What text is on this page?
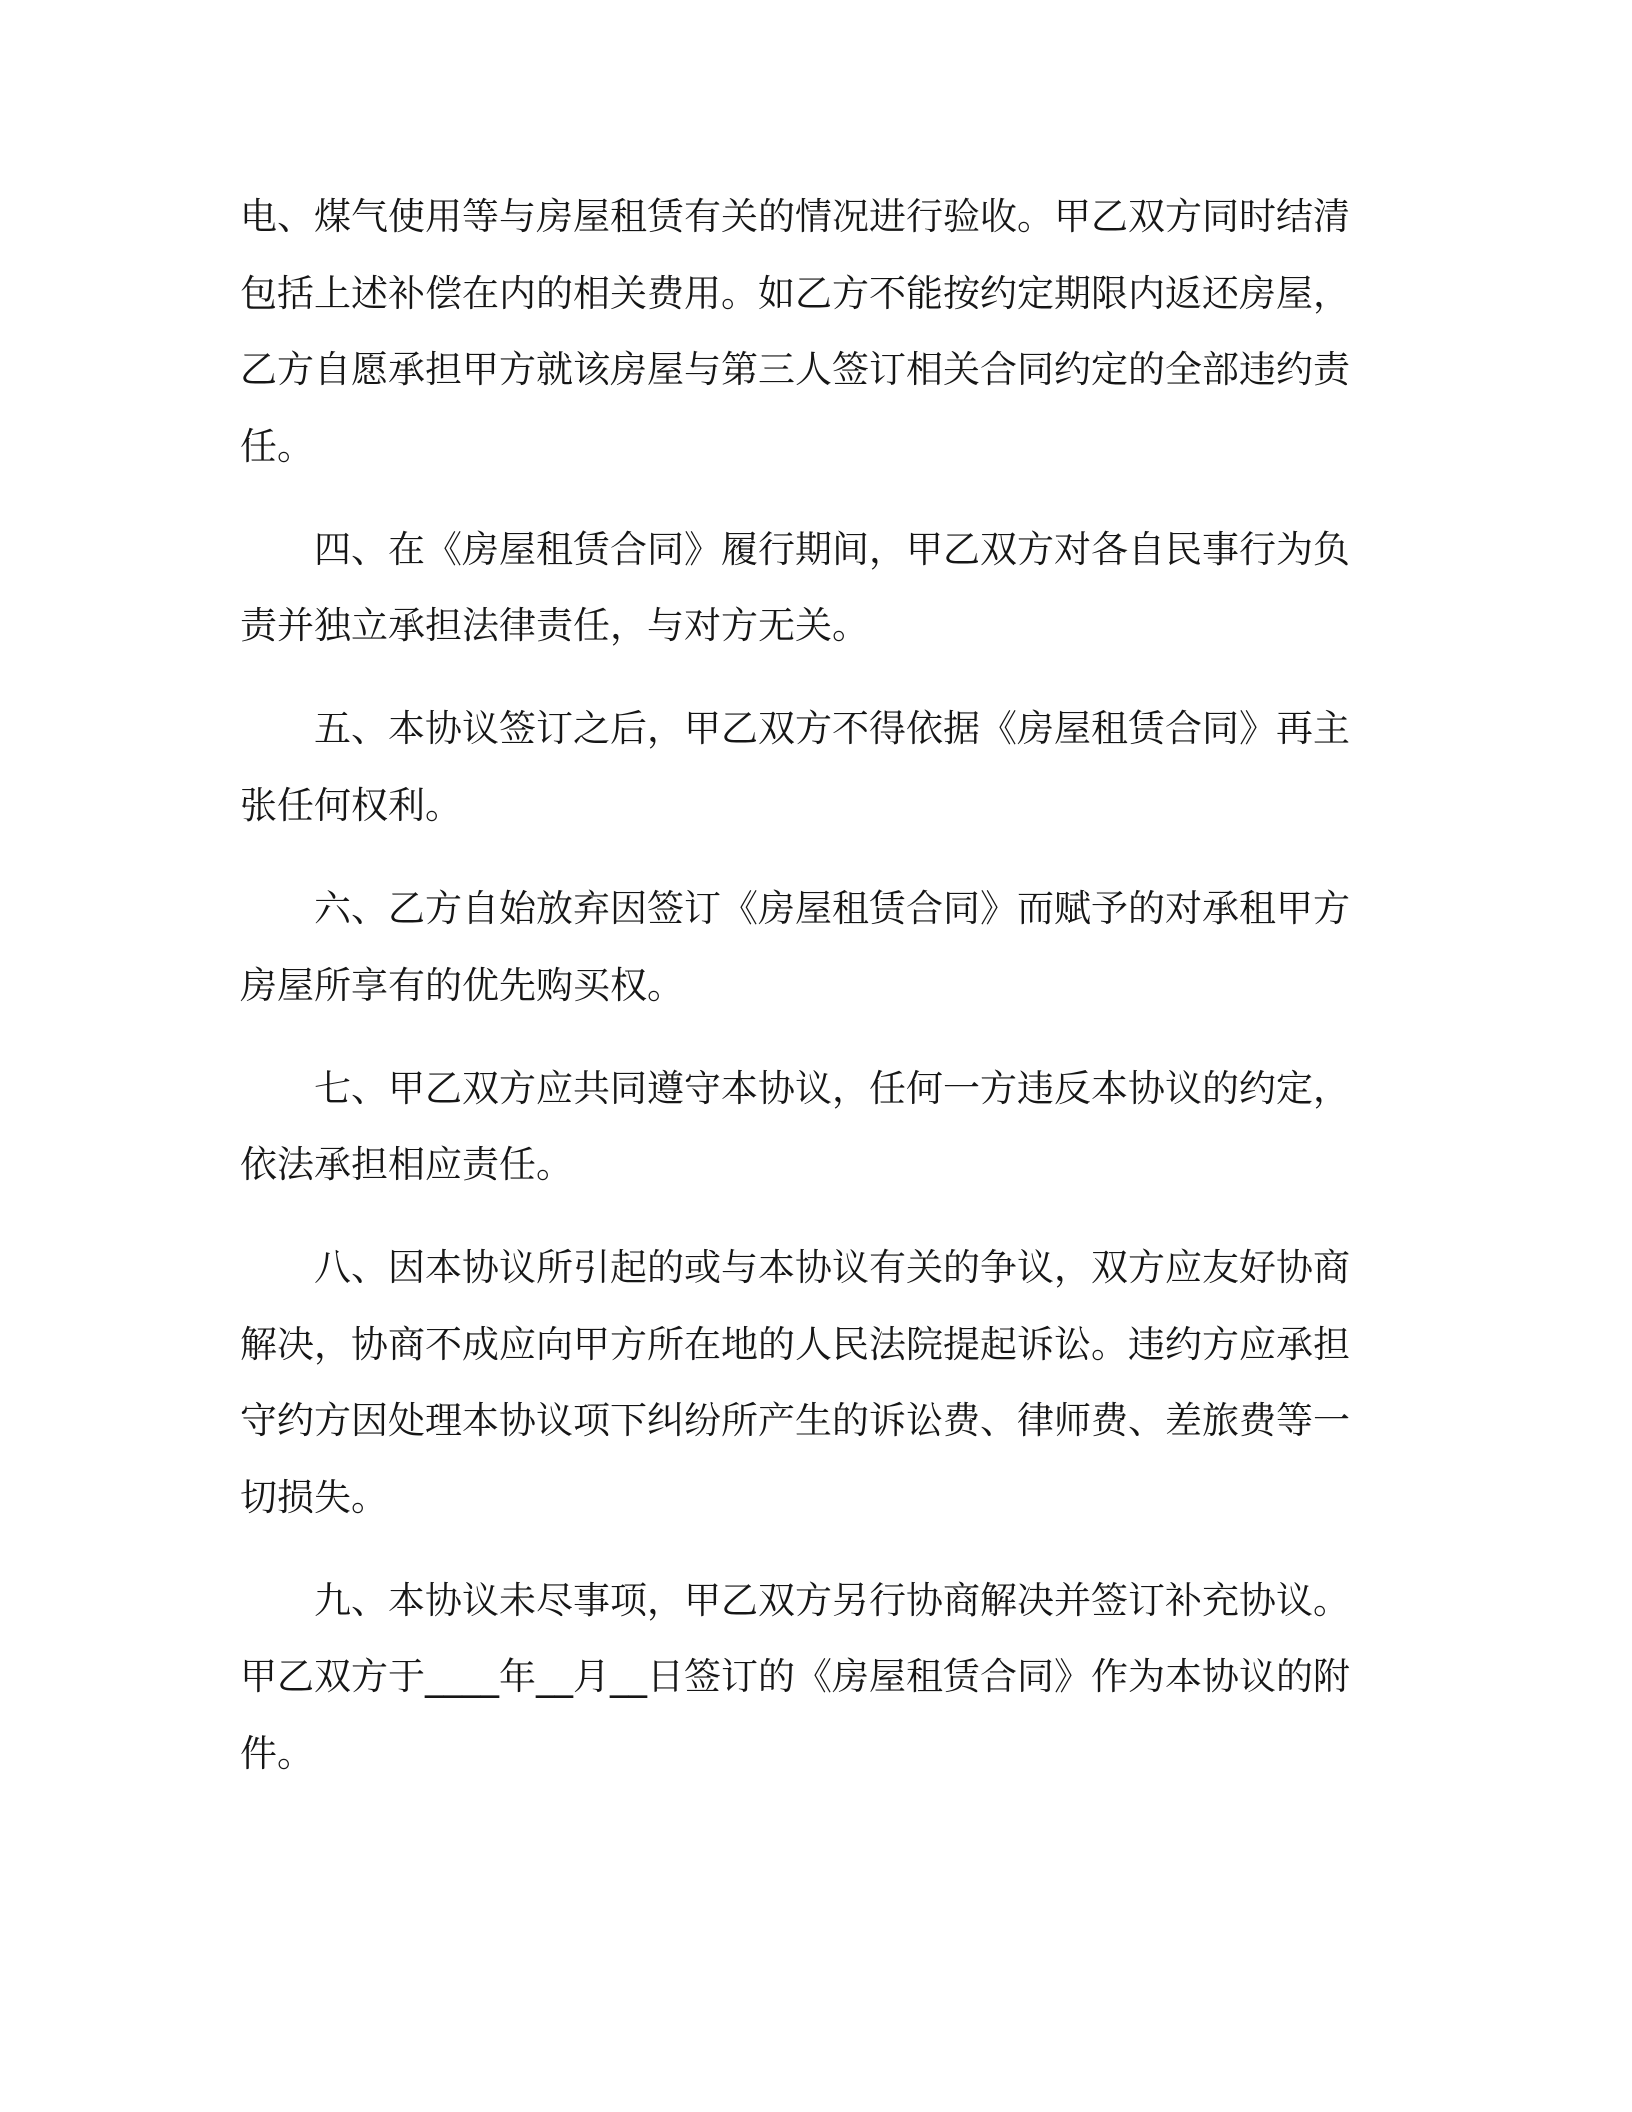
电、煤气使用等与房屋租赁有关的情况进行验收。甲乙双方同时结清
包括上述补偿在内的相关费用。如乙方不能按约定期限内返还房屋，
乙方自愿承担甲方就该房屋与第三人签订相关合同约定的全部违约责
任。
四、在《房屋租赁合同》履行期间，甲乙双方对各自民事行为负
责并独立承担法律责任，与对方无关。
五、本协议签订之后，甲乙双方不得依据《房屋租赁合同》再主
张任何权利。
六、乙方自始放弃因签订《房屋租赁合同》而赋予的对承租甲方
房屋所享有的优先购买权。
七、甲乙双方应共同遵守本协议，任何一方违反本协议的约定，
依法承担相应责任。
八、因本协议所引起的或与本协议有关的争议，双方应友好协商
解决，协商不成应向甲方所在地的人民法院提起诉讼。违约方应承担
守约方因处理本协议项下纠纷所产生的诉讼费、律师费、差旅费等一
切损失。
九、本协议未尽事项，甲乙双方另行协商解决并签订补充协议。
甲乙双方于____年__月__日签订的《房屋租赁合同》作为本协议的附
件。
